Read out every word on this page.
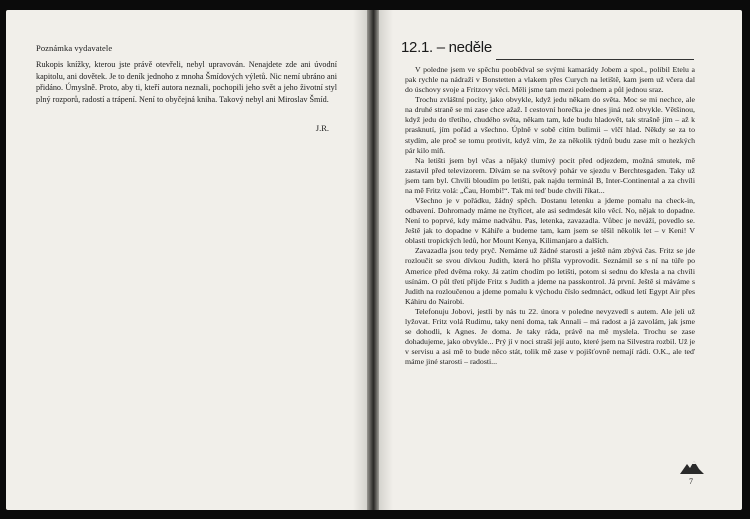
Poznámka vydavatele

Rukopis knížky, kterou jste právě otevřeli, nebyl upravován. Nenajdete zde ani úvodní kapitolu, ani dovětek. Je to deník jednoho z mnoha Šmídových výletů. Nic nemí ubráno ani přidáno. Úmyslně. Proto, aby ti, kteří autora neznali, pochopili jeho svět a jeho životní styl plný rozporů, radostí a trápení. Není to obyčejná kniha. Takový nebyl ani Miroslav Šmíd.

J.R.
12.1. – neděle

V poledne jsem ve spěchu poobědval se svými kamarády Jobem a spol., políbil Etelu a pak rychle na nádraží v Bonstetten a vlakem přes Curych na letiště, kam jsem už včera dal do úschovy svoje a Fritzovy věci. Měli jsme tam mezi polednem a půl jednou sraz.

Trochu zvláštní pocity, jako obvykle, když jedu někam do světa. Moc se mi nechce, ale na druhé straně se mi zase chce ažaž. I cestovní horečka je dnes jiná než obvykle. Většinou, když jedu do třetího, chudého světa, někam tam, kde budu hladovět, tak strašně jím – až k prasknutí, jím pořád a všechno. Úplně v sobě cítím bulimii – vlčí hlad. Někdy se za to stydím, ale proč se tomu protivit, když vím, že za několik týdnů budu zase mít o hezkých pár kilo míň.

Na letišti jsem byl včas a nějaký tlumivý pocit před odjezdem, možná smutek, mě zastavil před televizorem. Dívám se na světový pohár ve sjezdu v Berchtesgaden. Taky už jsem tam byl. Chvíli bloudím po letišti, pak najdu terminál B, Inter-Continental a za chvíli na mě Fritz volá: „Čau, Hombi!“. Tak mi teď bude chvíli říkat...

Všechno je v pořádku, žádný spěch. Dostanu letenku a jdeme pomalu na check-in, odbavení. Dohromady máme ne čtyřicet, ale asi sedmdesát kilo věcí. No, nějak to dopadne. Není to poprvé, kdy máme nadváhu. Pas, letenka, zavazadla. Vůbec je neváží, povedlo se. Ještě jak to dopadne v Káhiře a budeme tam, kam jsem se těšil několik let – v Keni! V oblasti tropických ledů, hor Mount Kenya, Kilimanjaro a dalších.

Zavazadla jsou tedy pryč. Nemáme už žádné starosti a ještě nám zbývá čas. Fritz se jde rozloučit se svou dívkou Judith, která ho přišla vyprovodit. Seznámil se s ní na túře po Americe před dvěma roky. Já zatím chodím po letišti, potom si sednu do křesla a na chvíli usínám. O půl třetí přijde Fritz s Judith a jdeme na passkontrol. Já první. Ještě si máváme s Judith na rozloučenou a jdeme pomalu k východu číslo sedmnáct, odkud letí Egypt Air přes Káhiru do Nairobi.

Telefonuju Jobovi, jestli by nás tu 22. února v poledne nevyzvedl s autem. Ale jeli už lyžovat. Fritz volá Rudimu, taky není doma, tak Annali – má radost a já zavolám, jak jsme se dohodli, k Agnes. Je doma. Je taky ráda, právě na mě myslela. Trochu se zase dohadujeme, jako obvykle... Prý jí v noci straší její auto, které jsem na Silvestra rozbil. Už je v servisu a asi mě to bude něco stát, tolik mě zase v pojišťovně nemají rádi. O.K., ale teď máme jiné starosti – radosti...

7
